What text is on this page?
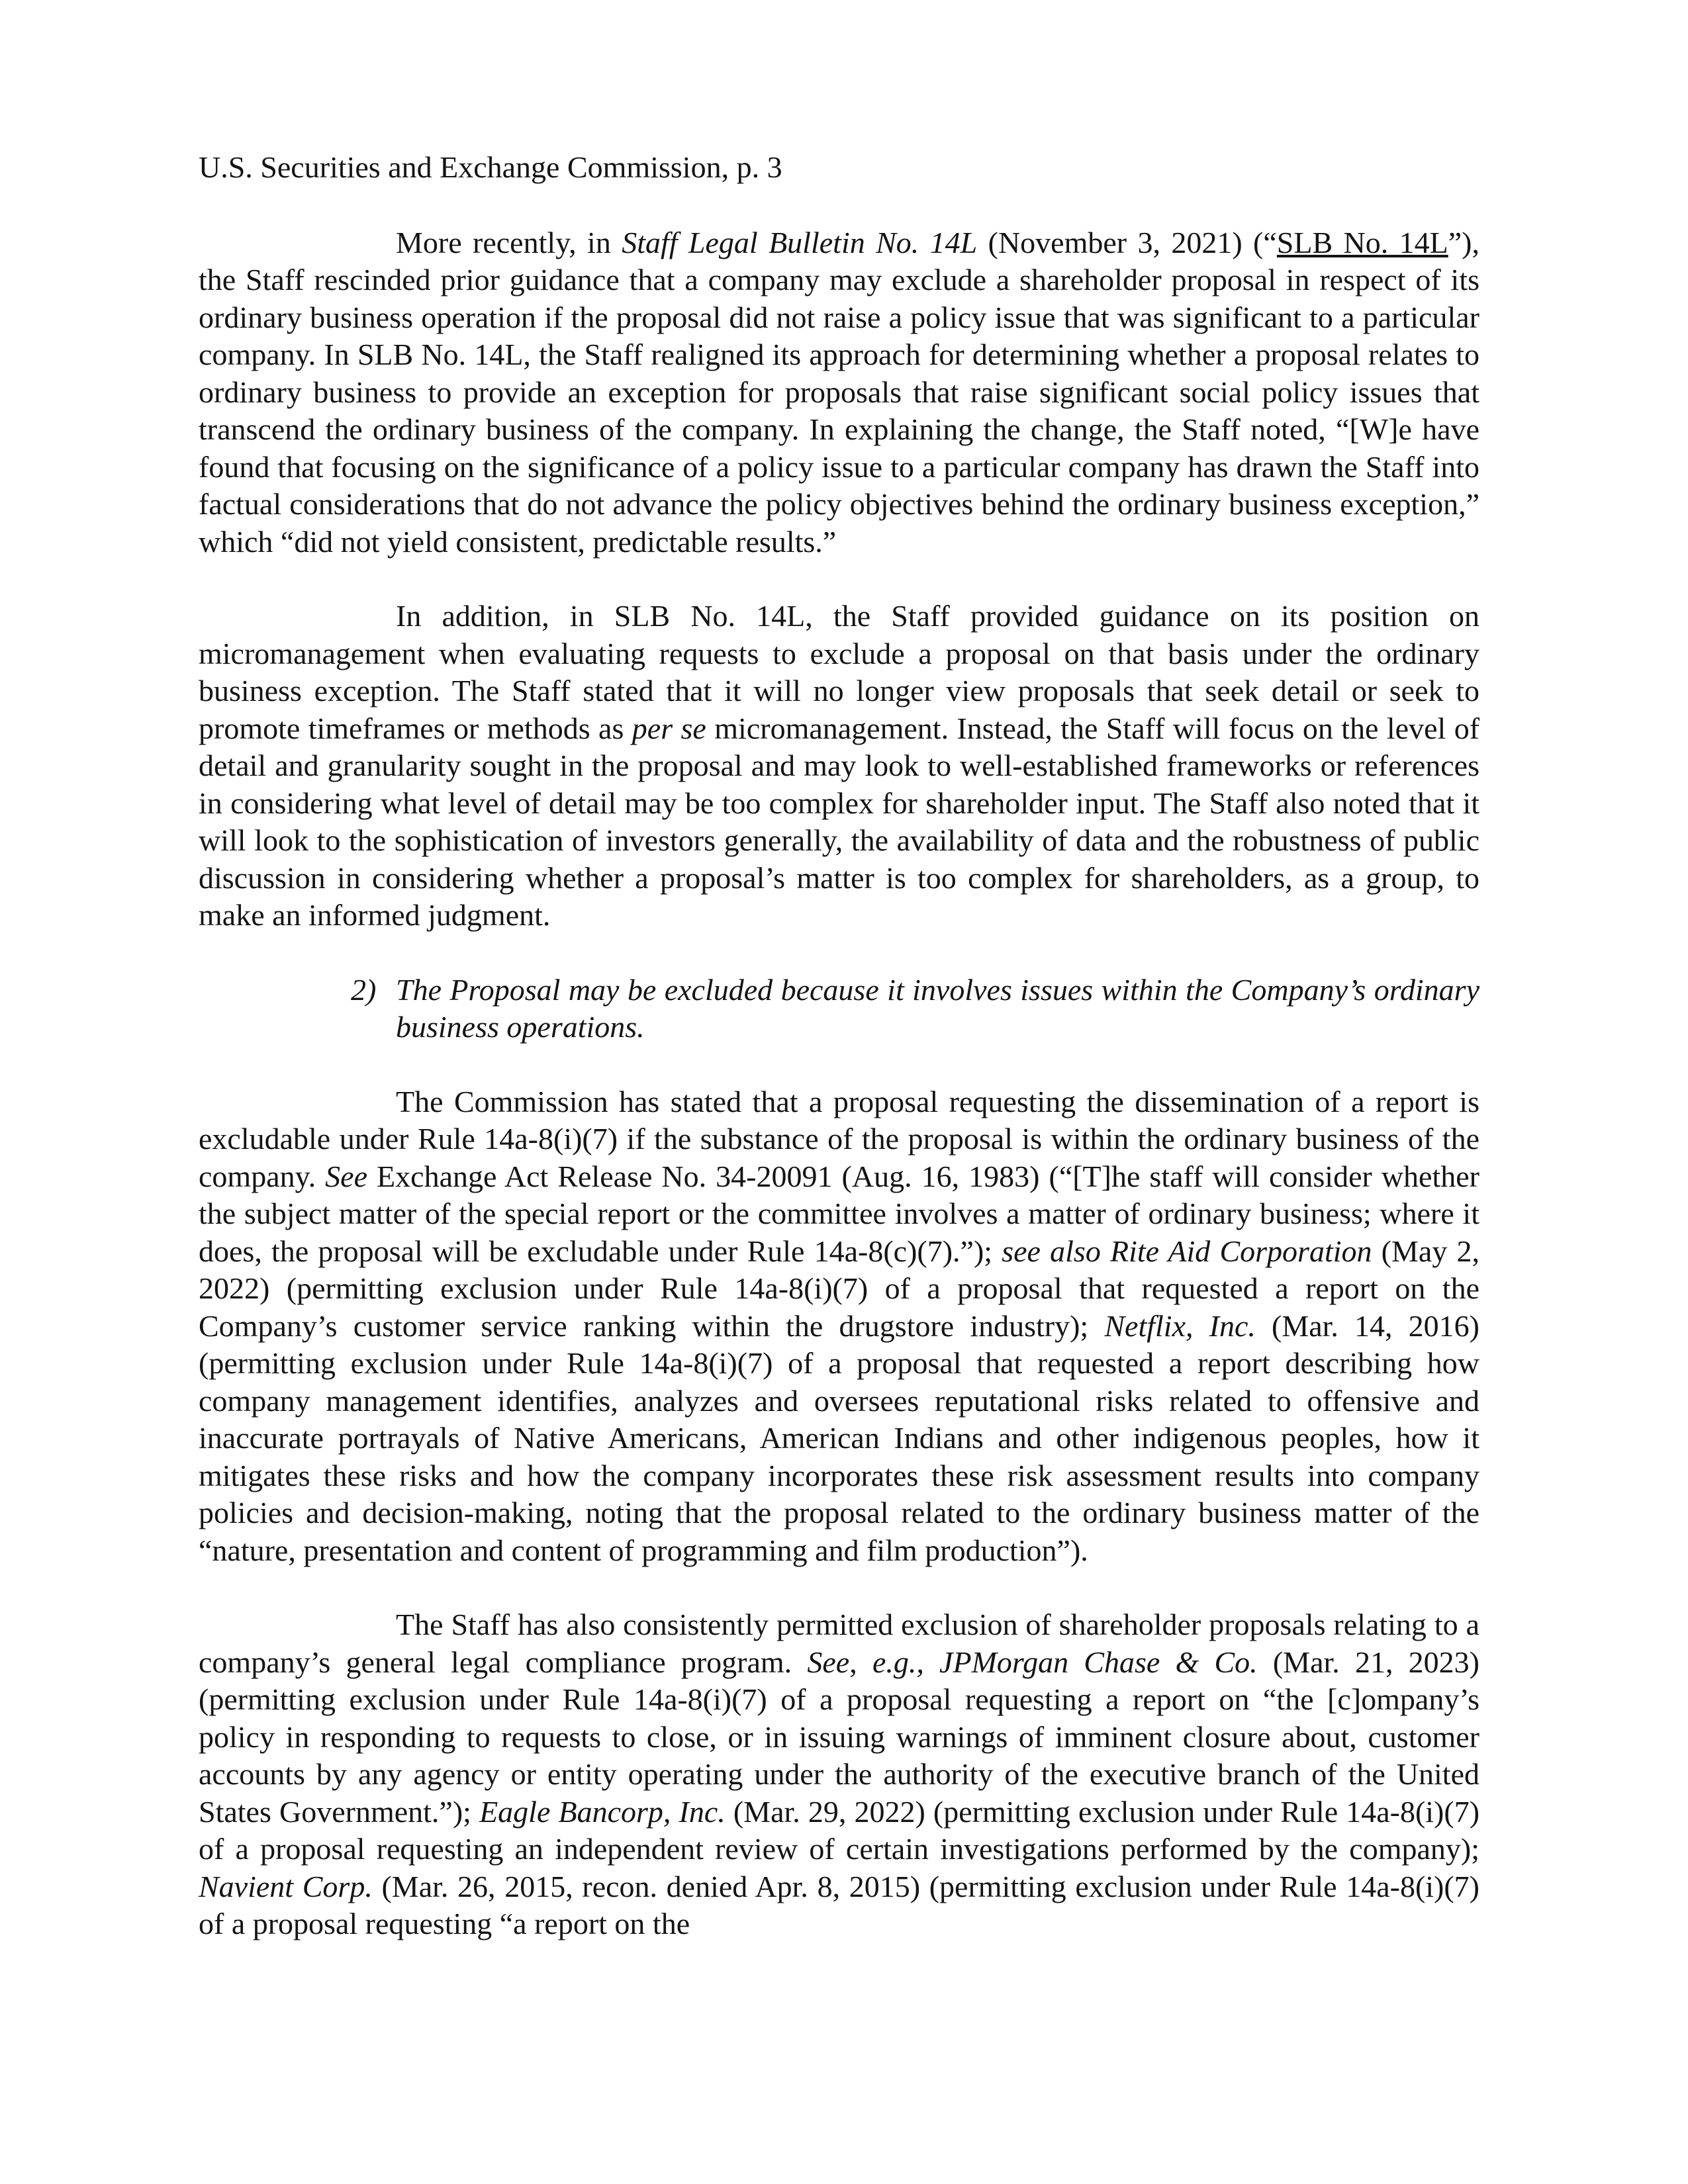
U.S. Securities and Exchange Commission, p. 3

More recently, in Staff Legal Bulletin No. 14L (November 3, 2021) (“SLB No. 14L”), the Staff rescinded prior guidance that a company may exclude a shareholder proposal in respect of its ordinary business operation if the proposal did not raise a policy issue that was significant to a particular company. In SLB No. 14L, the Staff realigned its approach for determining whether a proposal relates to ordinary business to provide an exception for proposals that raise significant social policy issues that transcend the ordinary business of the company. In explaining the change, the Staff noted, “[W]e have found that focusing on the significance of a policy issue to a particular company has drawn the Staff into factual considerations that do not advance the policy objectives behind the ordinary business exception,” which “did not yield consistent, predictable results.”

In addition, in SLB No. 14L, the Staff provided guidance on its position on micromanagement when evaluating requests to exclude a proposal on that basis under the ordinary business exception. The Staff stated that it will no longer view proposals that seek detail or seek to promote timeframes or methods as per se micromanagement. Instead, the Staff will focus on the level of detail and granularity sought in the proposal and may look to well-established frameworks or references in considering what level of detail may be too complex for shareholder input. The Staff also noted that it will look to the sophistication of investors generally, the availability of data and the robustness of public discussion in considering whether a proposal’s matter is too complex for shareholders, as a group, to make an informed judgment.

2) The Proposal may be excluded because it involves issues within the Company’s ordinary business operations.

The Commission has stated that a proposal requesting the dissemination of a report is excludable under Rule 14a-8(i)(7) if the substance of the proposal is within the ordinary business of the company. See Exchange Act Release No. 34-20091 (Aug. 16, 1983) (“[T]he staff will consider whether the subject matter of the special report or the committee involves a matter of ordinary business; where it does, the proposal will be excludable under Rule 14a-8(c)(7).”); see also Rite Aid Corporation (May 2, 2022) (permitting exclusion under Rule 14a-8(i)(7) of a proposal that requested a report on the Company’s customer service ranking within the drugstore industry); Netflix, Inc. (Mar. 14, 2016) (permitting exclusion under Rule 14a-8(i)(7) of a proposal that requested a report describing how company management identifies, analyzes and oversees reputational risks related to offensive and inaccurate portrayals of Native Americans, American Indians and other indigenous peoples, how it mitigates these risks and how the company incorporates these risk assessment results into company policies and decision-making, noting that the proposal related to the ordinary business matter of the “nature, presentation and content of programming and film production”).

The Staff has also consistently permitted exclusion of shareholder proposals relating to a company’s general legal compliance program. See, e.g., JPMorgan Chase & Co. (Mar. 21, 2023) (permitting exclusion under Rule 14a-8(i)(7) of a proposal requesting a report on “the [c]ompany’s policy in responding to requests to close, or in issuing warnings of imminent closure about, customer accounts by any agency or entity operating under the authority of the executive branch of the United States Government.”); Eagle Bancorp, Inc. (Mar. 29, 2022) (permitting exclusion under Rule 14a-8(i)(7) of a proposal requesting an independent review of certain investigations performed by the company); Navient Corp. (Mar. 26, 2015, recon. denied Apr. 8, 2015) (permitting exclusion under Rule 14a-8(i)(7) of a proposal requesting “a report on the
